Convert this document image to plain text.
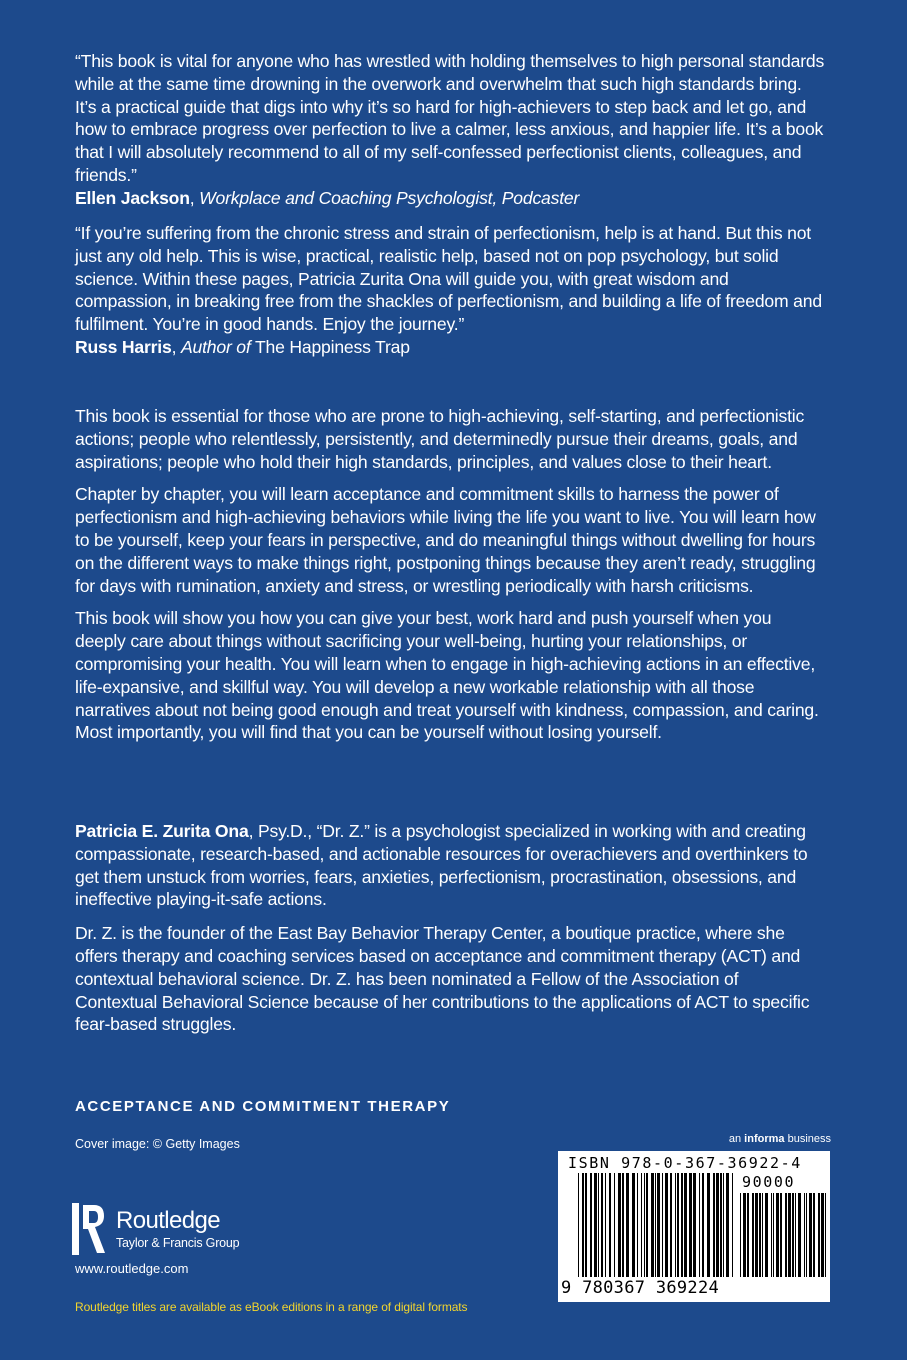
“This book is vital for anyone who has wrestled with holding themselves to high personal standards while at the same time drowning in the overwork and overwhelm that such high standards bring. It’s a practical guide that digs into why it’s so hard for high-achievers to step back and let go, and how to embrace progress over perfection to live a calmer, less anxious, and happier life. It’s a book that I will absolutely recommend to all of my self-confessed perfectionist clients, colleagues, and friends.”

Ellen Jackson, Workplace and Coaching Psychologist, Podcaster

“If you’re suffering from the chronic stress and strain of perfectionism, help is at hand. But this not just any old help. This is wise, practical, realistic help, based not on pop psychology, but solid science. Within these pages, Patricia Zurita Ona will guide you, with great wisdom and compassion, in breaking free from the shackles of perfectionism, and building a life of freedom and fulfilment. You’re in good hands. Enjoy the journey.”

Russ Harris, Author of The Happiness Trap

This book is essential for those who are prone to high-achieving, self-starting, and perfectionistic actions; people who relentlessly, persistently, and determinedly pursue their dreams, goals, and aspirations; people who hold their high standards, principles, and values close to their heart.

Chapter by chapter, you will learn acceptance and commitment skills to harness the power of perfectionism and high-achieving behaviors while living the life you want to live. You will learn how to be yourself, keep your fears in perspective, and do meaningful things without dwelling for hours on the different ways to make things right, postponing things because they aren’t ready, struggling for days with rumination, anxiety and stress, or wrestling periodically with harsh criticisms.

This book will show you how you can give your best, work hard and push yourself when you deeply care about things without sacrificing your well-being, hurting your relationships, or compromising your health. You will learn when to engage in high-achieving actions in an effective, life-expansive, and skillful way. You will develop a new workable relationship with all those narratives about not being good enough and treat yourself with kindness, compassion, and caring. Most importantly, you will find that you can be yourself without losing yourself.

Patricia E. Zurita Ona, Psy.D., “Dr. Z.” is a psychologist specialized in working with and creating compassionate, research-based, and actionable resources for overachievers and overthinkers to get them unstuck from worries, fears, anxieties, perfectionism, procrastination, obsessions, and ineffective playing-it-safe actions.

Dr. Z. is the founder of the East Bay Behavior Therapy Center, a boutique practice, where she offers therapy and coaching services based on acceptance and commitment therapy (ACT) and contextual behavioral science. Dr. Z. has been nominated a Fellow of the Association of Contextual Behavioral Science because of her contributions to the applications of ACT to specific fear-based struggles.

ACCEPTANCE AND COMMITMENT THERAPY
Cover image: © Getty Images
Routledge
Taylor & Francis Group
www.routledge.com
Routledge titles are available as eBook editions in a range of digital formats
an informa business
ISBN 978-0-367-36922-4
90000
9 780367 369224
